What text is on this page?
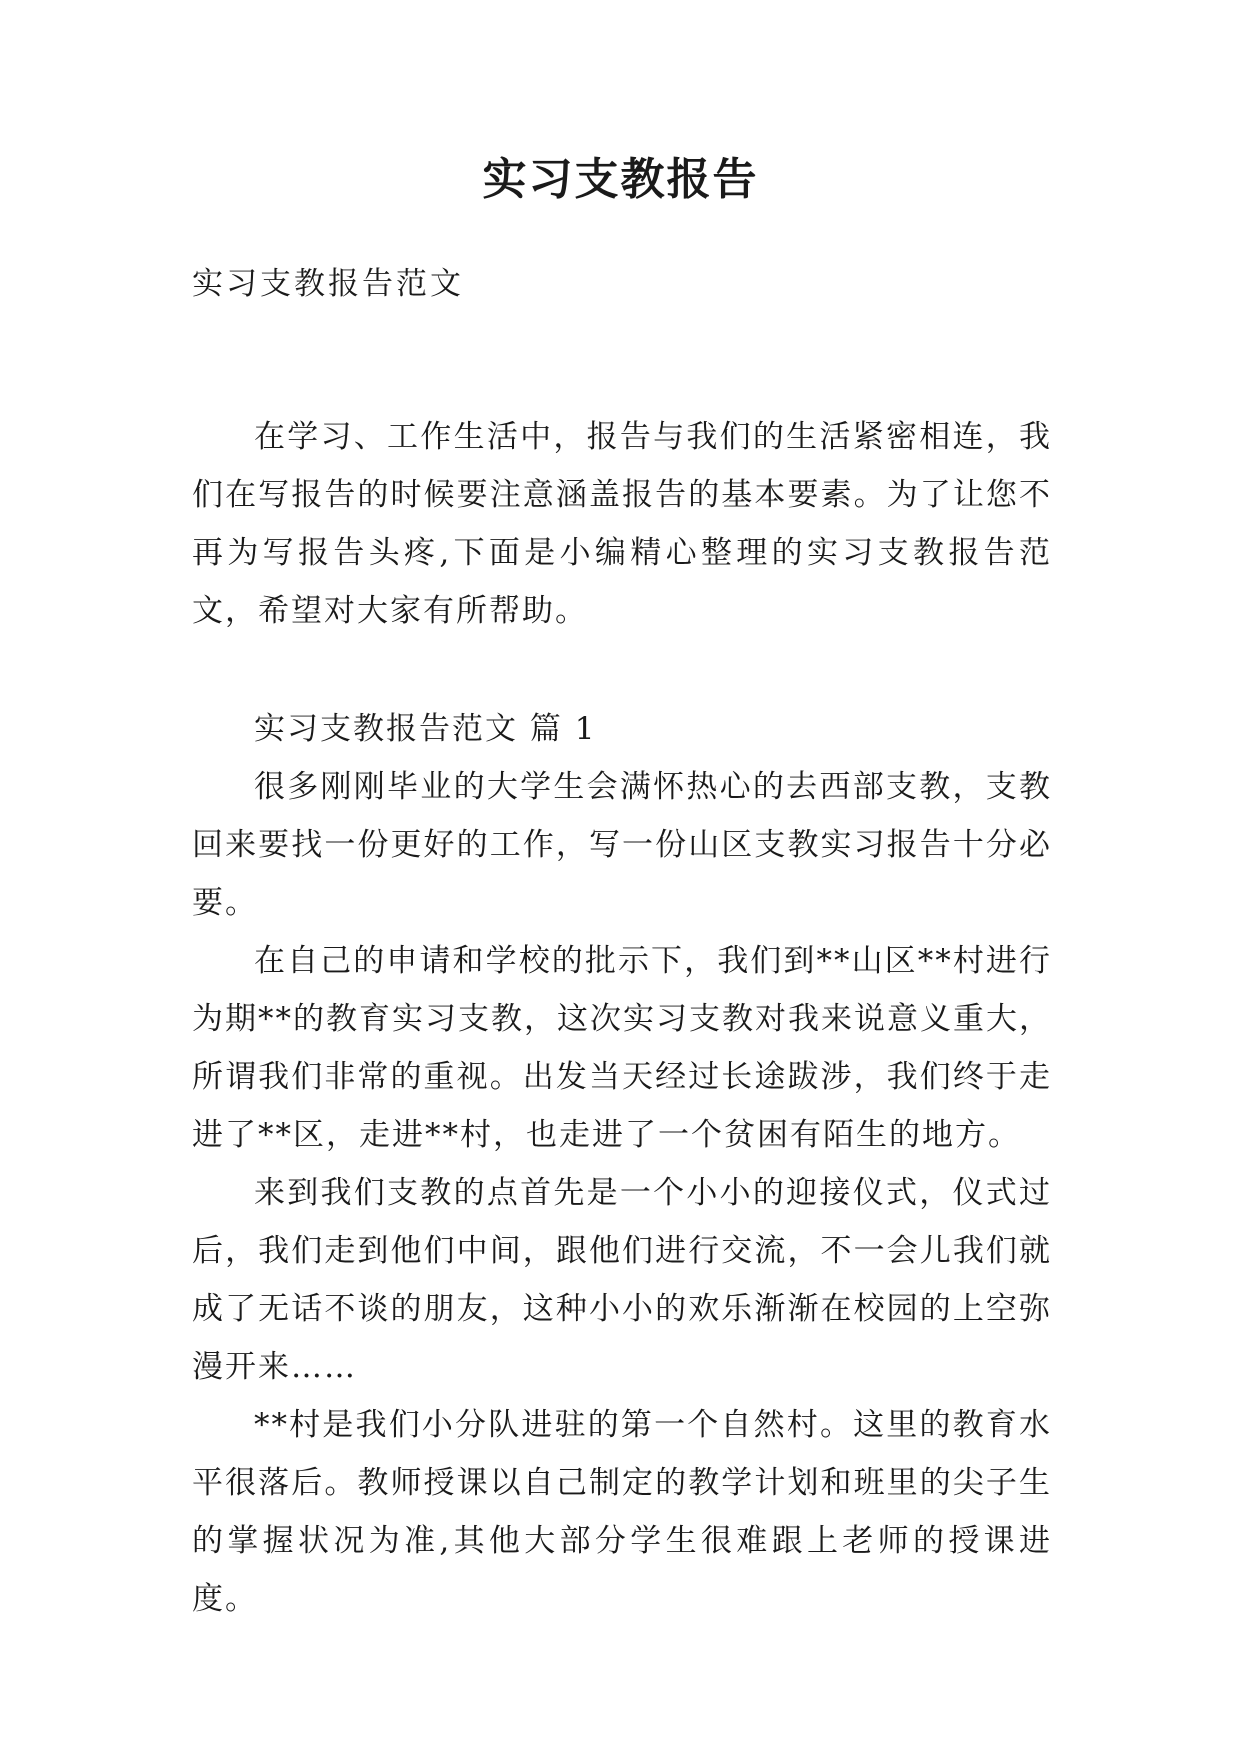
实习支教报告

实习支教报告范文

在学习、工作生活中，报告与我们的生活紧密相连，我们在写报告的时候要注意涵盖报告的基本要素。为了让您不再为写报告头疼,下面是小编精心整理的实习支教报告范文，希望对大家有所帮助。

实习支教报告范文 篇 1

很多刚刚毕业的大学生会满怀热心的去西部支教，支教回来要找一份更好的工作，写一份山区支教实习报告十分必要。

在自己的申请和学校的批示下，我们到**山区**村进行为期**的教育实习支教，这次实习支教对我来说意义重大，所谓我们非常的重视。出发当天经过长途跋涉，我们终于走进了**区，走进**村，也走进了一个贫困有陌生的地方。

来到我们支教的点首先是一个小小的迎接仪式，仪式过后，我们走到他们中间，跟他们进行交流，不一会儿我们就成了无话不谈的朋友，这种小小的欢乐渐渐在校园的上空弥漫开来……

**村是我们小分队进驻的第一个自然村。这里的教育水平很落后。教师授课以自己制定的教学计划和班里的尖子生的掌握状况为准,其他大部分学生很难跟上老师的授课进度。
